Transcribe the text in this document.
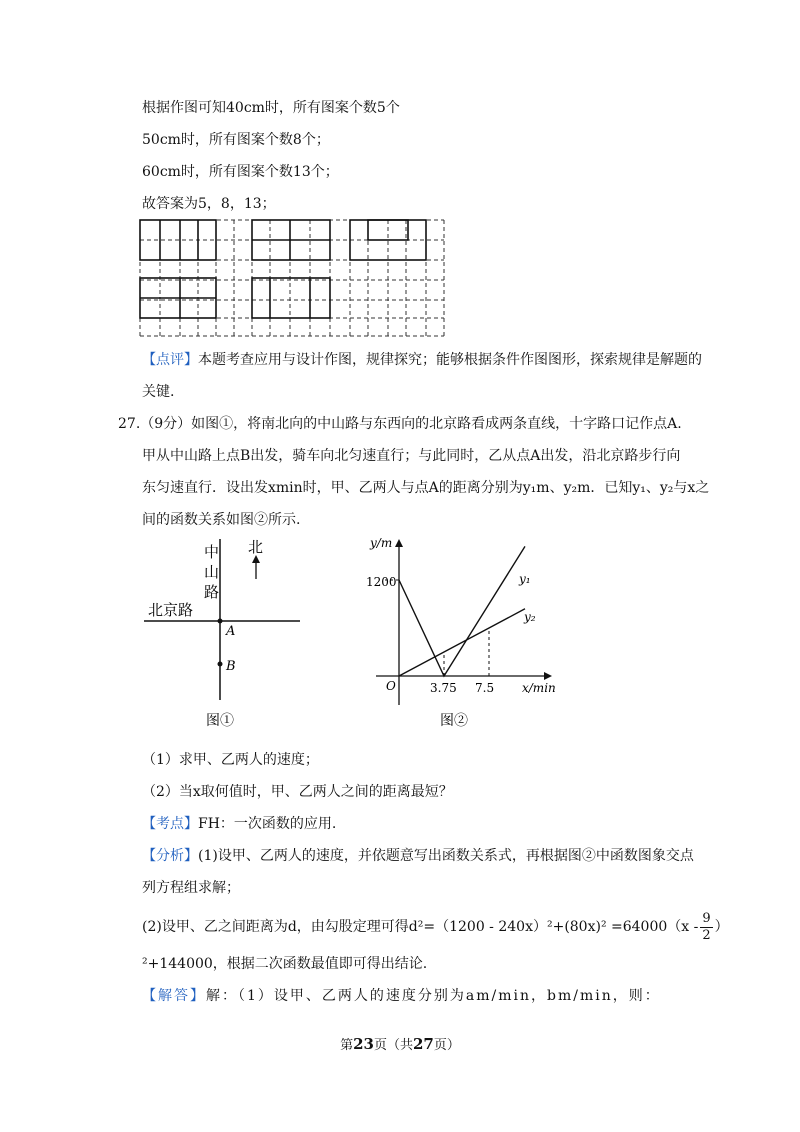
根据作图可知40cm时，所有图案个数5个
50cm时，所有图案个数8个；
60cm时，所有图案个数13个；
故答案为5，8，13；
【点评】本题考查应用与设计作图，规律探究；能够根据条件作图图形，探索规律是解题的
关键.
27.（9分）如图①，将南北向的中山路与东西向的北京路看成两条直线，十字路口记作点A.
甲从中山路上点B出发，骑车向北匀速直行；与此同时，乙从点A出发，沿北京路步行向
东匀速直行．设出发xmin时，甲、乙两人与点A的距离分别为y₁m、y₂m．已知y₁、y₂与x之
间的函数关系如图②所示.
中
山
路
北
北京路
A
B
图①
y/m
x/min
O
1200
3.75 7.5
y₁
y₂
图②
（1）求甲、乙两人的速度；
（2）当x取何值时，甲、乙两人之间的距离最短？
【考点】FH：一次函数的应用.
【分析】(1)设甲、乙两人的速度，并依题意写出函数关系式，再根据图②中函数图象交点
列方程组求解；
(2)设甲、乙之间距离为d，由勾股定理可得$d^2=(1200 - 240x)^2+(80x)^2 =64000(x - \frac{9}{2}$ ）
²+144000，根据二次函数最值即可得出结论.
【解答】解：（1）设甲、乙两人的速度分别为am/min，bm/min，则：
第23页（共27页）
